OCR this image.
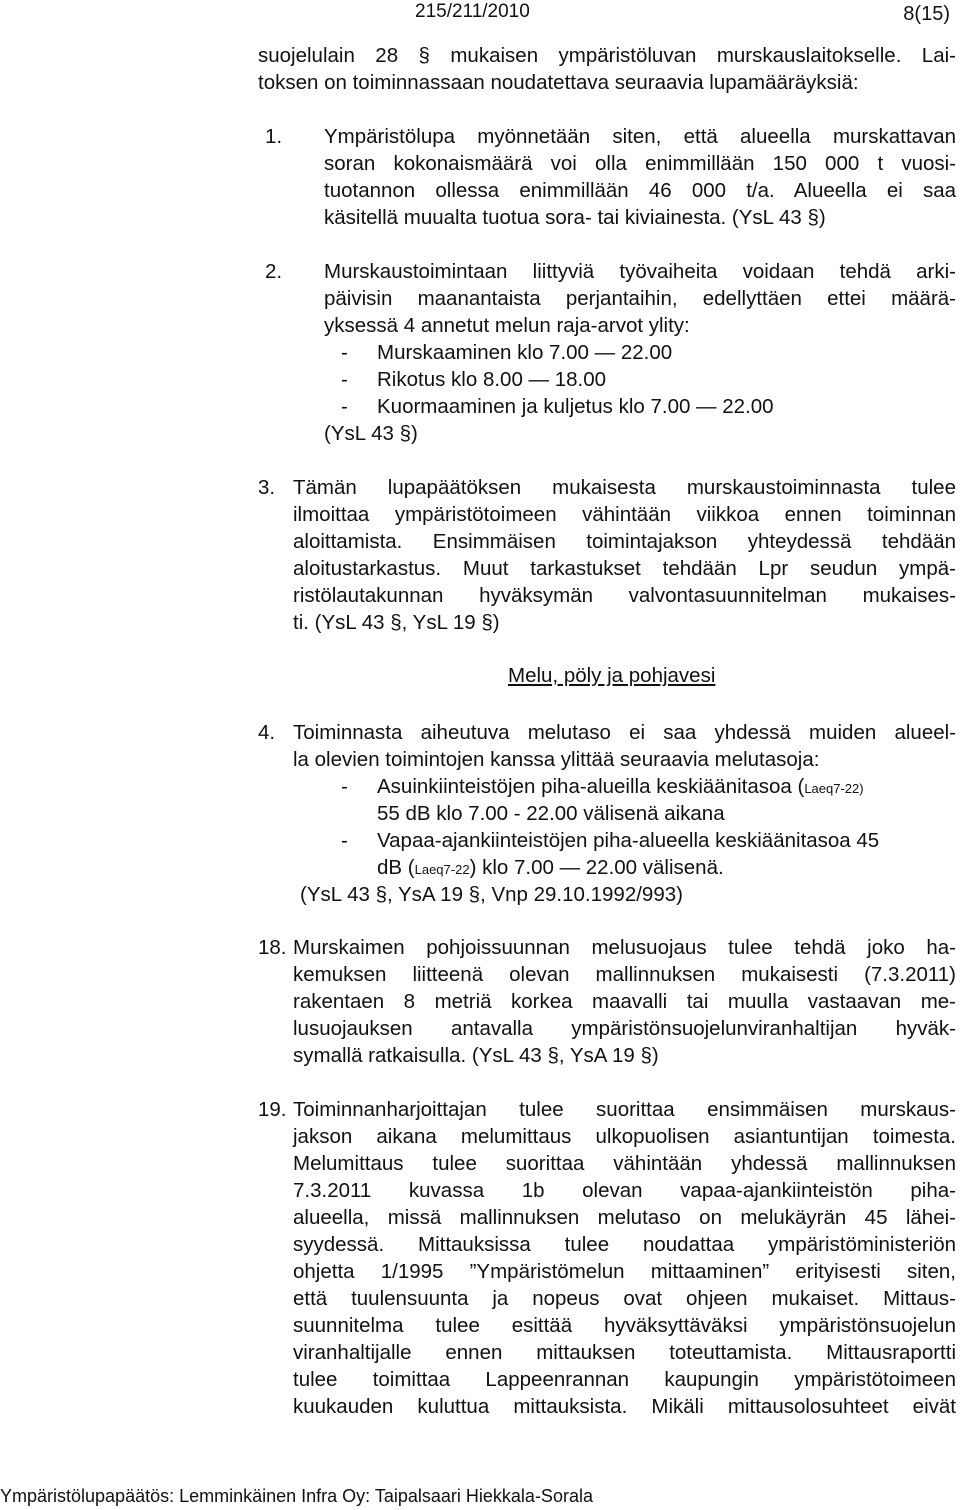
215/211/2010	8(15)
suojelulain 28 § mukaisen ympäristöluvan murskauslaitokselle. Lai-
toksen on toiminnassaan noudatettava seuraavia lupamääräyksiä:
1. Ympäristölupa myönnetään siten, että alueella murskattavan
soran kokonaismäärä voi olla enimmillään 150 000 t vuosi-
tuotannon ollessa enimmillään 46 000 t/a. Alueella ei saa
käsitellä muualta tuotua sora- tai kiviainesta. (YsL 43 §)
2. Murskaustoimintaan liittyviä työvaiheita voidaan tehdä arki-
päivisin maanantaista perjantaihin, edellyttäen ettei määrä-
yksessä 4 annetut melun raja-arvot ylity:
- Murskaaminen klo 7.00 — 22.00
- Rikotus klo 8.00 — 18.00
- Kuormaaminen ja kuljetus klo 7.00 — 22.00
(YsL 43 §)
3. Tämän lupapäätöksen mukaisesta murskaustoiminnasta tulee
ilmoittaa ympäristötoimeen vähintään viikkoa ennen toiminnan
aloittamista. Ensimmäisen toimintajakson yhteydessä tehdään
aloitustarkastus. Muut tarkastukset tehdään Lpr seudun ympä-
ristölautakunnan hyväksymän valvontasuunnitelman mukaises-
ti. (YsL 43 §, YsL 19 §)
Melu, pöly ja pohjavesi
4. Toiminnasta aiheutuva melutaso ei saa yhdessä muiden alueel-
la olevien toimintojen kanssa ylittää seuraavia melutasoja:
- Asuinkiinteistöjen piha-alueilla keskiäänitasoa (Laeq7-22)
55 dB klo 7.00 - 22.00 välisenä aikana
- Vapaa-ajankiinteistöjen piha-alueella keskiäänitasoa 45
dB (Laeq7-22) klo 7.00 — 22.00 välisenä.
(YsL 43 §, YsA 19 §, Vnp 29.10.1992/993)
18. Murskaimen pohjoissuunnan melusuojaus tulee tehdä joko ha-
kemuksen liitteenä olevan mallinnuksen mukaisesti (7.3.2011)
rakentaen 8 metriä korkea maavalli tai muulla vastaavan me-
lusuojauksen antavalla ympäristönsuojelunviranhaltijan hyväk-
symallä ratkaisulla. (YsL 43 §, YsA 19 §)
19. Toiminnanharjoittajan tulee suorittaa ensimmäisen murskaus-
jakson aikana melumittaus ulkopuolisen asiantuntijan toimesta.
Melumittaus tulee suorittaa vähintään yhdessä mallinnuksen
7.3.2011 kuvassa 1b olevan vapaa-ajankiinteistön piha-
alueella, missä mallinnuksen melutaso on melukäyrän 45 lähei-
syydessä. Mittauksissa tulee noudattaa ympäristöministeriön
ohjetta 1/1995 ”Ympäristömelun mittaaminen” erityisesti siten,
että tuulensuunta ja nopeus ovat ohjeen mukaiset. Mittaus-
suunnitelma tulee esittää hyväksyttäväksi ympäristönsuojelun
viranhaltijalle ennen mittauksen toteuttamista. Mittausraportti
tulee toimittaa Lappeenrannan kaupungin ympäristötoimeen
kuukauden kuluttua mittauksista. Mikäli mittausolosuhteet eivät
Ympäristölupapäätös: Lemminkäinen Infra Oy: Taipalsaari Hiekkala-Sorala
